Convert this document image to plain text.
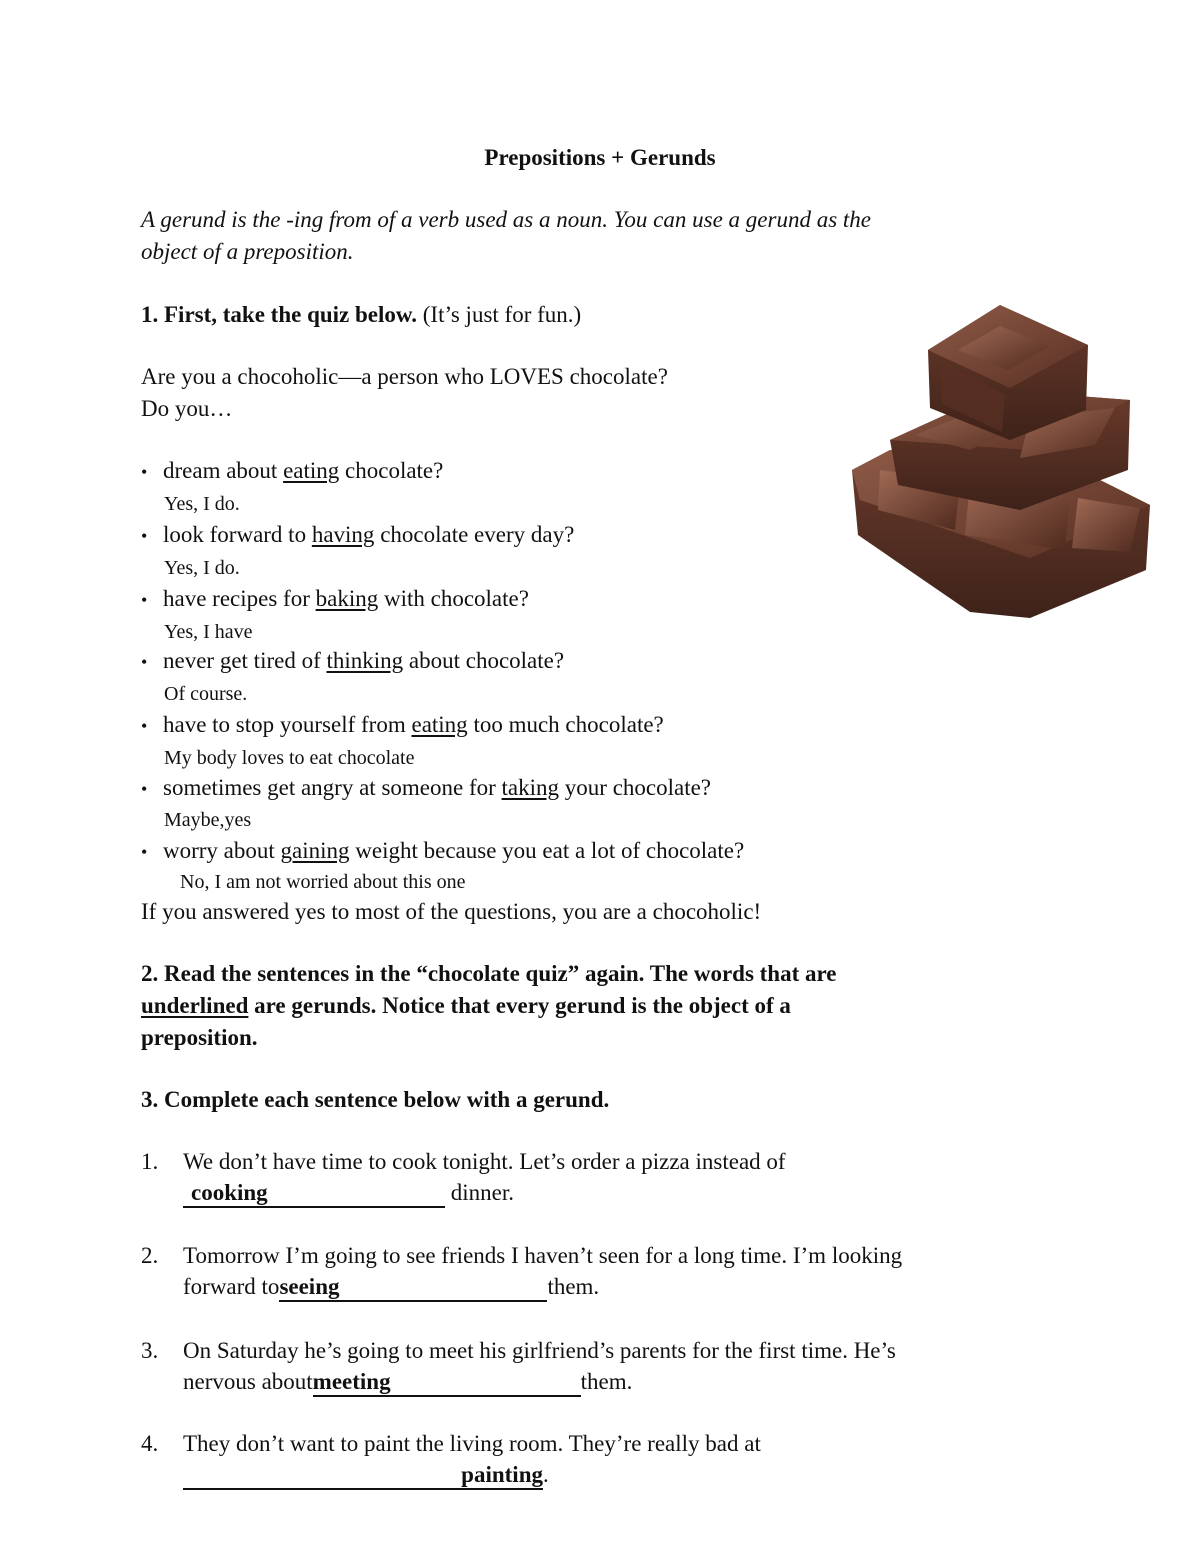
Prepositions + Gerunds
A gerund is the -ing from of a verb used as a noun. You can use a gerund as the
object of a preposition.
1. First, take the quiz below. (It’s just for fun.)
Are you a chocoholic—a person who LOVES chocolate?
Do you…
• dream about eating chocolate?
Yes, I do.
• look forward to having chocolate every day?
Yes, I do.
• have recipes for baking with chocolate?
Yes, I have
• never get tired of thinking about chocolate?
Of course.
• have to stop yourself from eating too much chocolate?
My body loves to eat chocolate
• sometimes get angry at someone for taking your chocolate?
Maybe,yes
• worry about gaining weight because you eat a lot of chocolate?
No, I am not worried about this one
If you answered yes to most of the questions, you are a chocoholic!
2. Read the sentences in the “chocolate quiz” again. The words that are
underlined are gerunds. Notice that every gerund is the object of a
preposition.
3. Complete each sentence below with a gerund.
1. We don’t have time to cook tonight. Let’s order a pizza instead of
cooking	dinner.
2. Tomorrow I’m going to see friends I haven’t seen for a long time. I’m looking
forward toseeing	them.
3. On Saturday he’s going to meet his girlfriend’s parents for the first time. He’s
nervous aboutmeeting	them.
4. They don’t want to paint the living room. They’re really bad at
painting.
